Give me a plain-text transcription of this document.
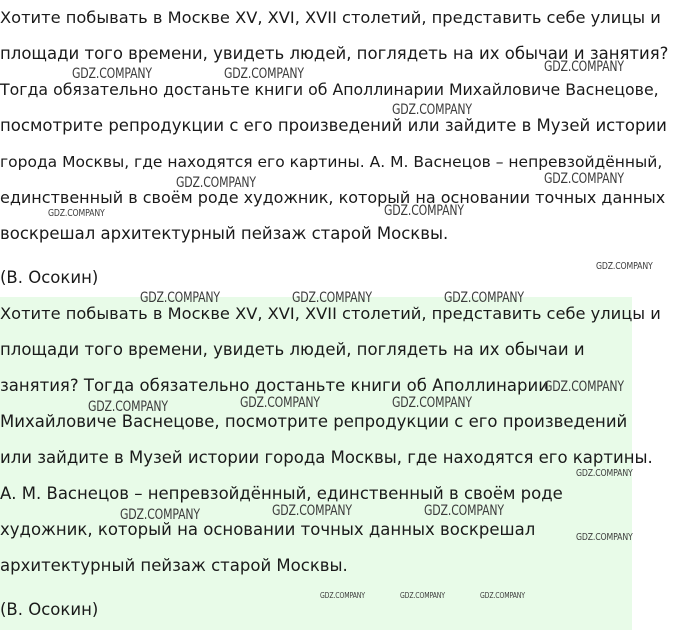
Хотите побывать в Москве XV, XVI, XVII столетий, представить себе улицы и
площади того времени, увидеть людей, поглядеть на их обычаи и занятия?
Тогда обязательно достаньте книги об Аполлинарии Михайловиче Васнецове,
посмотрите репродукции с его произведений или зайдите в Музей истории
города Москвы, где находятся его картины. А. М. Васнецов – непревзойдённый,
единственный в своём роде художник, который на основании точных данных
воскрешал архитектурный пейзаж старой Москвы.
(В. Осокин)
Хотите побывать в Москве XV, XVI, XVII столетий, представить себе улицы и
площади того времени, увидеть людей, поглядеть на их обычаи и
занятия? Тогда обязательно достаньте книги об Аполлинарии
Михайловиче Васнецове, посмотрите репродукции с его произведений
или зайдите в Музей истории города Москвы, где находятся его картины.
А. М. Васнецов – непревзойдённый, единственный в своём роде
художник, который на основании точных данных воскрешал
архитектурный пейзаж старой Москвы.
(В. Осокин)
GDZ.COMPANY	GDZ.COMPANY	GDZ.COMPANY
GDZ.COMPANY
GDZ.COMPANY	GDZ.COMPANY
GDZ.COMPANY
GDZ.COMPANY
GDZ.COMPANY
GDZ.COMPANY	GDZ.COMPANY	GDZ.COMPANY
GDZ.COMPANY
GDZ.COMPANY	GDZ.COMPANY	GDZ.COMPANY
GDZ.COMPANY
GDZ.COMPANY	GDZ.COMPANY	GDZ.COMPANY
GDZ.COMPANY
GDZ.COMPANY	GDZ.COMPANY	GDZ.COMPANY
